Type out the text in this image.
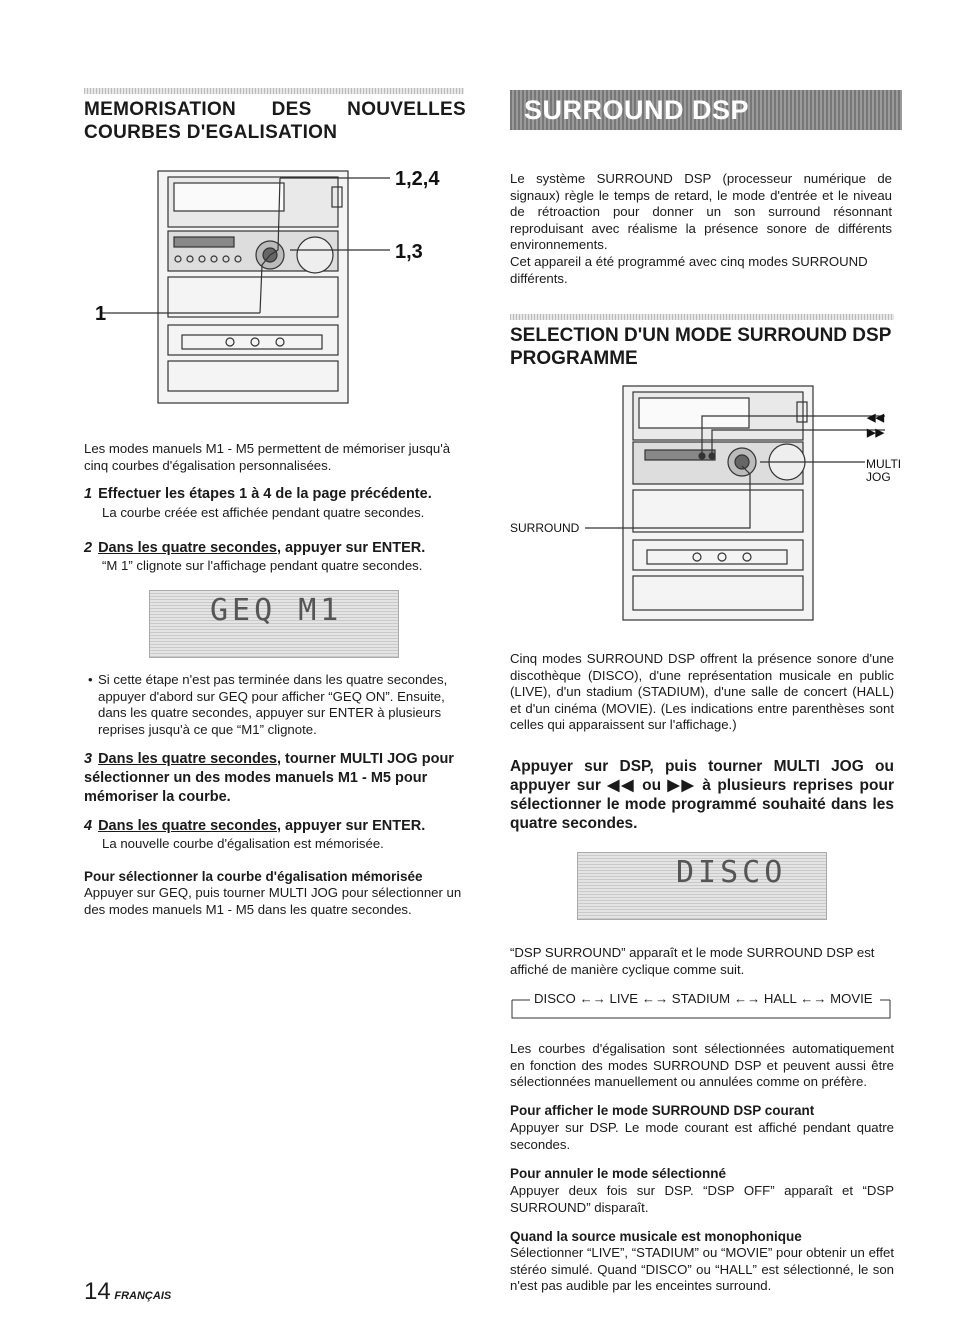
MEMORISATION DES NOUVELLES
COURBES D'EGALISATION
1,2,4
1,3
1
Les modes manuels M1 - M5 permettent de mémoriser jusqu'à cinq courbes d'égalisation personnalisées.
1 Effectuer les étapes 1 à 4 de la page précédente.
La courbe créée est affichée pendant quatre secondes.
2 Dans les quatre secondes, appuyer sur ENTER.
“M 1” clignote sur l'affichage pendant quatre secondes.
GEQ M1
• Si cette étape n'est pas terminée dans les quatre secondes, appuyer d'abord sur GEQ pour afficher “GEQ ON”. Ensuite, dans les quatre secondes, appuyer sur ENTER à plusieurs reprises jusqu'à ce que “M1” clignote.
3 Dans les quatre secondes, tourner MULTI JOG pour sélectionner un des modes manuels M1 - M5 pour mémoriser la courbe.
4 Dans les quatre secondes, appuyer sur ENTER.
La nouvelle courbe d'égalisation est mémorisée.
Pour sélectionner la courbe d'égalisation mémorisée
Appuyer sur GEQ, puis tourner MULTI JOG pour sélectionner un des modes manuels M1 - M5 dans les quatre secondes.
SURROUND DSP
Le système SURROUND DSP (processeur numérique de signaux) règle le temps de retard, le mode d'entrée et le niveau de rétroaction pour donner un son surround résonnant reproduisant avec réalisme la présence sonore de différents environnements.
Cet appareil a été programmé avec cinq modes SURROUND différents.
SELECTION D'UN MODE SURROUND DSP
PROGRAMME
◀◀
▶▶
MULTI
JOG
SURROUND
Cinq modes SURROUND DSP offrent la présence sonore d'une discothèque (DISCO), d'une représentation musicale en public (LIVE), d'un stadium (STADIUM), d'une salle de concert (HALL) et d'un cinéma (MOVIE). (Les indications entre parenthèses sont celles qui apparaissent sur l'affichage.)
Appuyer sur DSP, puis tourner MULTI JOG ou appuyer sur ◀◀ ou ▶▶ à plusieurs reprises pour sélectionner le mode programmé souhaité dans les quatre secondes.
DISCO
“DSP SURROUND” apparaît et le mode SURROUND DSP est affiché de manière cyclique comme suit.
DISCO ←→ LIVE ←→ STADIUM ←→ HALL ←→ MOVIE
Les courbes d'égalisation sont sélectionnées automatiquement en fonction des modes SURROUND DSP et peuvent aussi être sélectionnées manuellement ou annulées comme on préfère.
Pour afficher le mode SURROUND DSP courant
Appuyer sur DSP. Le mode courant est affiché pendant quatre secondes.
Pour annuler le mode sélectionné
Appuyer deux fois sur DSP. “DSP OFF” apparaît et “DSP SURROUND” disparaît.
Quand la source musicale est monophonique
Sélectionner “LIVE”, “STADIUM” ou “MOVIE” pour obtenir un effet stéréo simulé. Quand “DISCO” ou “HALL” est sélectionné, le son n'est pas audible par les enceintes surround.
14 FRANÇAIS
